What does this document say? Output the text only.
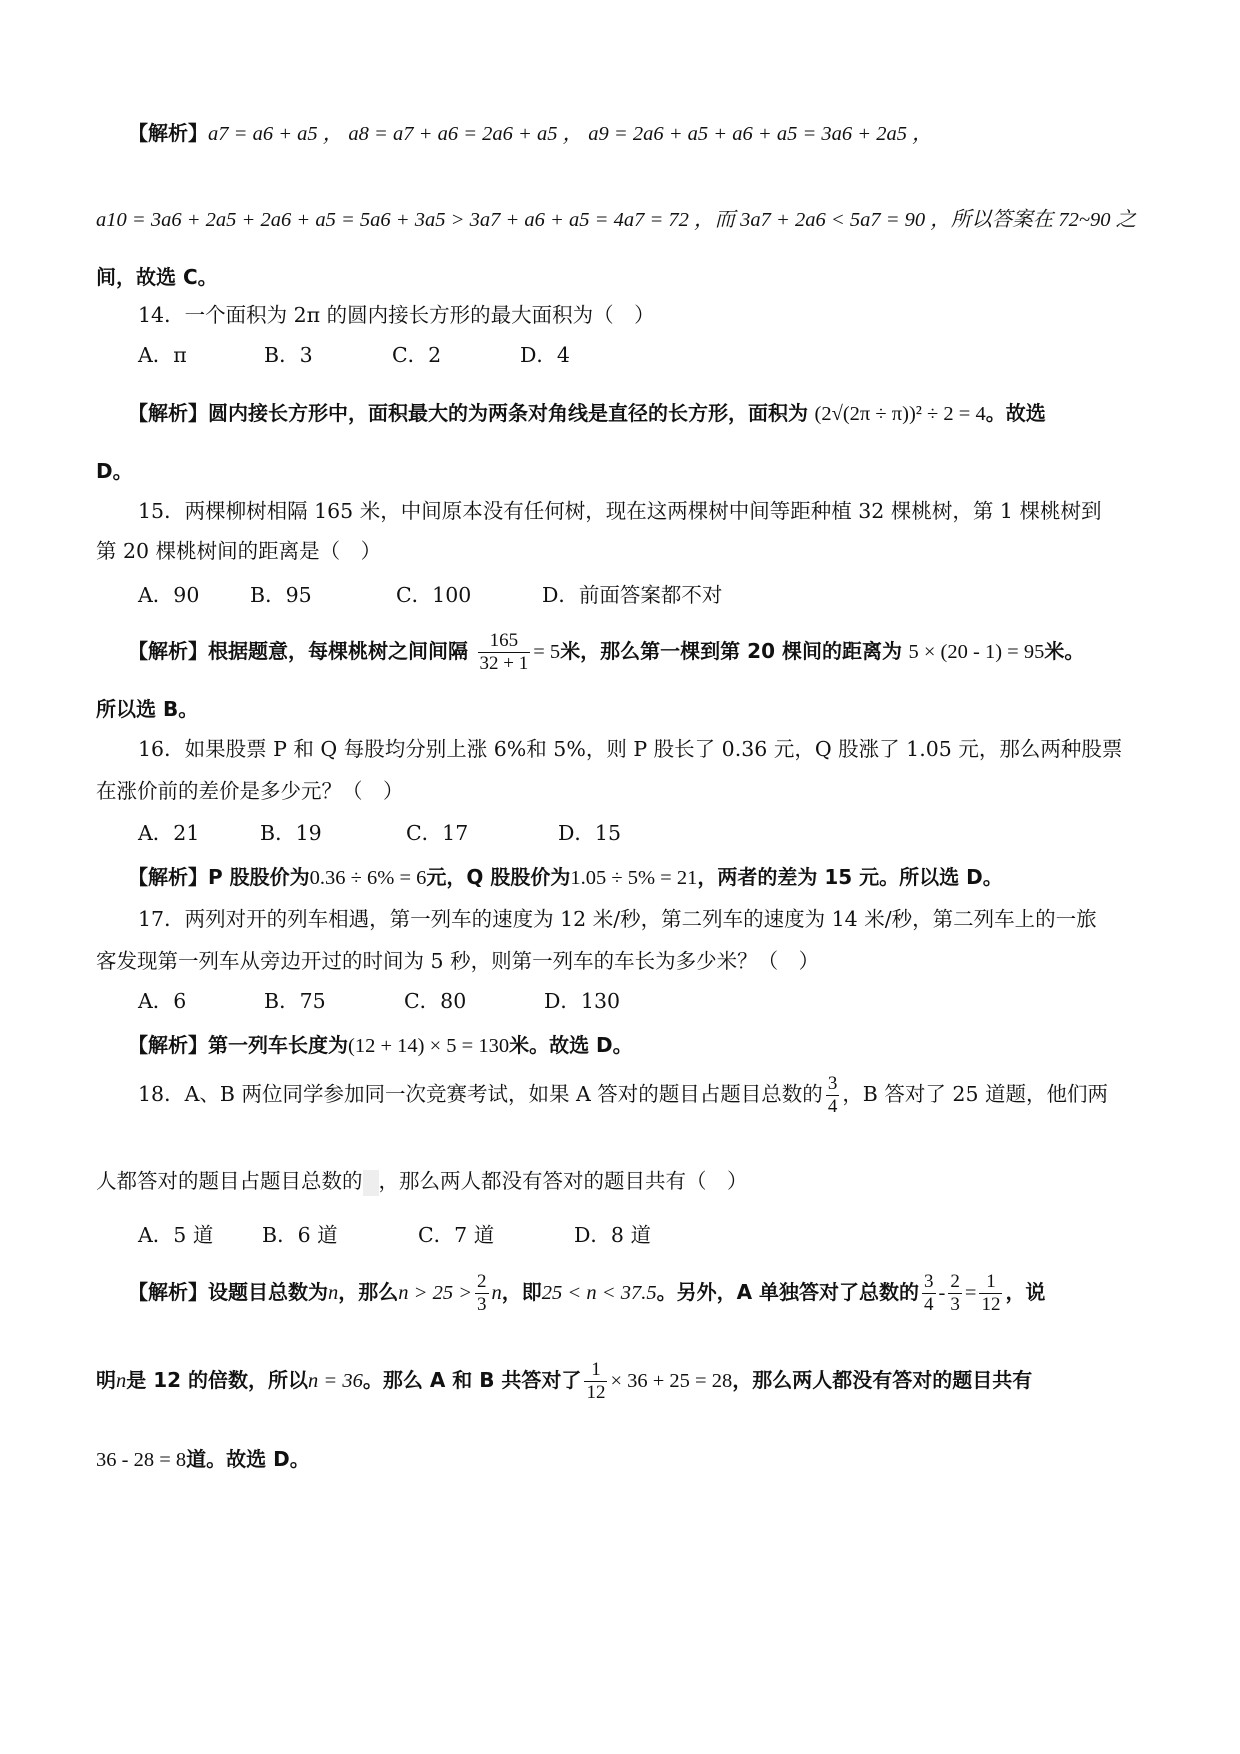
【解析】a7 = a6 + a5 ， a8 = a7 + a6 = 2a6 + a5 ， a9 = 2a6 + a5 + a6 + a5 = 3a6 + 2a5 ，
a10 = 3a6 + 2a5 + 2a6 + a5 = 5a6 + 3a5 > 3a7 + a6 + a5 = 4a7 = 72 ，而 3a7 + 2a6 < 5a7 = 90 ，所以答案在 72~90 之
间，故选 C。
14．一个面积为 2π 的圆内接长方形的最大面积为（　）
A．π	B．3	C．2	D．4
【解析】圆内接长方形中，面积最大的为两条对角线是直径的长方形，面积为 (2√(2π ÷ π))² ÷ 2 = 4。故选
D。
15．两棵柳树相隔 165 米，中间原本没有任何树，现在这两棵树中间等距种植 32 棵桃树，第 1 棵桃树到
第 20 棵桃树间的距离是（　）
A．90 B．95	C．100	D．前面答案都不对
【解析】根据题意，每棵桃树之间间隔 $\frac{165}{32 + 1} = 5$米，那么第一棵到第 20 棵间的距离为 5 × (20 - 1) = 95米。
所以选 B。
16．如果股票 P 和 Q 每股均分别上涨 6%和 5%，则 P 股长了 0.36 元，Q 股涨了 1.05 元，那么两种股票
在涨价前的差价是多少元？（　）
A．21	B．19	C．17	D．15
【解析】P 股股价为0.36 ÷ 6% = 6元，Q 股股价为1.05 ÷ 5% = 21，两者的差为 15 元。所以选 D。
17．两列对开的列车相遇，第一列车的速度为 12 米/秒，第二列车的速度为 14 米/秒，第二列车上的一旅
客发现第一列车从旁边开过的时间为 5 秒，则第一列车的车长为多少米？（　）
A．6	B．75	C．80	D．130
【解析】第一列车长度为(12 + 14) × 5 = 130米。故选 D。
18．A、B 两位同学参加同一次竞赛考试，如果 A 答对的题目占题目总数的 $\frac{3}{4}$ ，B 答对了 25 道题，他们两
人都答对的题目占题目总数的 ，那么两人都没有答对的题目共有（　）
A．5 道 B．6 道	C．7 道	D．8 道
【解析】设题目总数为n，那么$n > 25 > \frac{2}{3}$ n，即25 < n < 37.5。另外，A 单独答对了总数的 $\frac{3}{4} - \frac{2}{3} = \frac{1}{12}$ ，说
明n是 12 的倍数，所以n = 36。那么 A 和 B 共答对了 $\frac{1}{12} \times 36 + 25 = 28$，那么两人都没有答对的题目共有
36 - 28 = 8道。故选 D。
